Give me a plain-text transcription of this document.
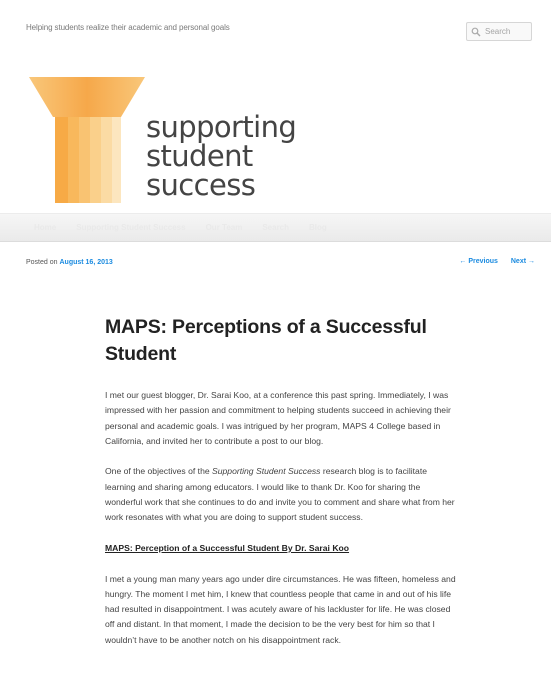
Helping students realize their academic and personal goals
Search
supporting
student
success
Home	Supporting Student Success	Our Team	Search	Blog
Posted on August 16, 2013	← Previous Next →
MAPS: Perceptions of a Successful Student

I met our guest blogger, Dr. Sarai Koo, at a conference this past spring. Immediately, I was impressed with her passion and commitment to helping students succeed in achieving their personal and academic goals. I was intrigued by her program, MAPS 4 College based in California, and invited her to contribute a post to our blog.

One of the objectives of the Supporting Student Success research blog is to facilitate learning and sharing among educators. I would like to thank Dr. Koo for sharing the wonderful work that she continues to do and invite you to comment and share what from her work resonates with what you are doing to support student success.

MAPS: Perception of a Successful Student By Dr. Sarai Koo

I met a young man many years ago under dire circumstances. He was fifteen, homeless and hungry. The moment I met him, I knew that countless people that came in and out of his life had resulted in disappointment. I was acutely aware of his lackluster for life. He was closed off and distant. In that moment, I made the decision to be the very best for him so that I wouldn’t have to be another notch on his disappointment rack.
